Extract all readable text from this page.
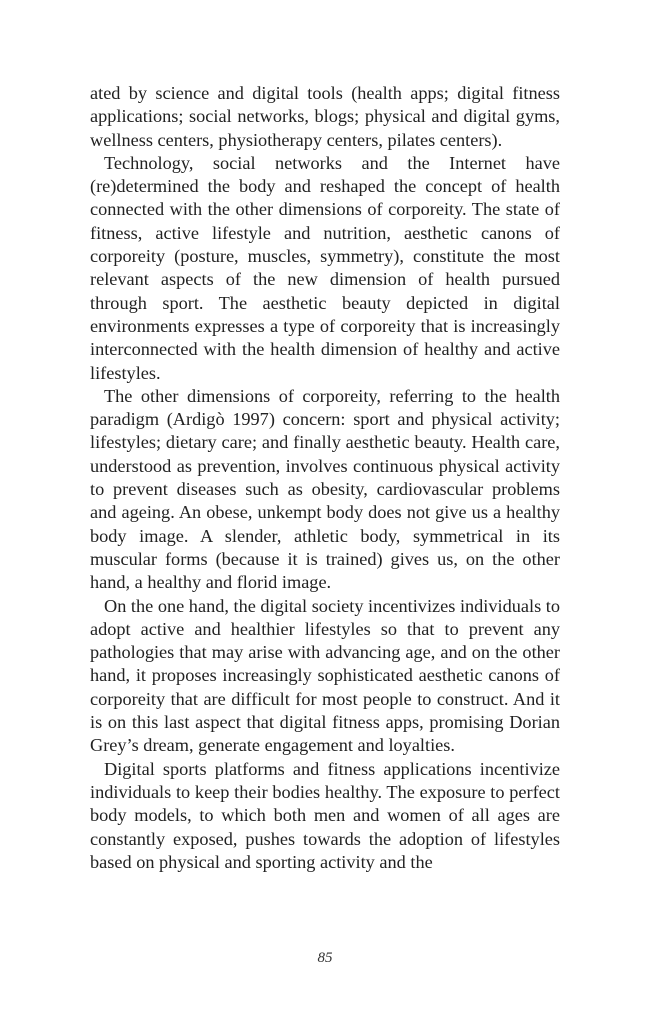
ated by science and digital tools (health apps; digital fitness applications; social networks, blogs; physical and digital gyms, wellness centers, physiotherapy centers, pilates centers).

Technology, social networks and the Internet have (re)determined the body and reshaped the concept of health connected with the other dimensions of corporeity. The state of fitness, active lifestyle and nutrition, aesthetic canons of corporeity (posture, muscles, symmetry), constitute the most relevant aspects of the new dimension of health pursued through sport. The aesthetic beauty depicted in digital environments expresses a type of corporeity that is increasingly interconnected with the health dimension of healthy and active lifestyles.

The other dimensions of corporeity, referring to the health paradigm (Ardigò 1997) concern: sport and physical activity; lifestyles; dietary care; and finally aesthetic beauty. Health care, understood as prevention, involves continuous physical activity to prevent diseases such as obesity, cardiovascular problems and ageing. An obese, unkempt body does not give us a healthy body image. A slender, athletic body, symmetrical in its muscular forms (because it is trained) gives us, on the other hand, a healthy and florid image.

On the one hand, the digital society incentivizes individuals to adopt active and healthier lifestyles so that to prevent any pathologies that may arise with advancing age, and on the other hand, it proposes increasingly sophisticated aesthetic canons of corporeity that are difficult for most people to construct. And it is on this last aspect that digital fitness apps, promising Dorian Grey’s dream, generate engagement and loyalties.

Digital sports platforms and fitness applications incentivize individuals to keep their bodies healthy. The exposure to perfect body models, to which both men and women of all ages are constantly exposed, pushes towards the adoption of lifestyles based on physical and sporting activity and the

85
